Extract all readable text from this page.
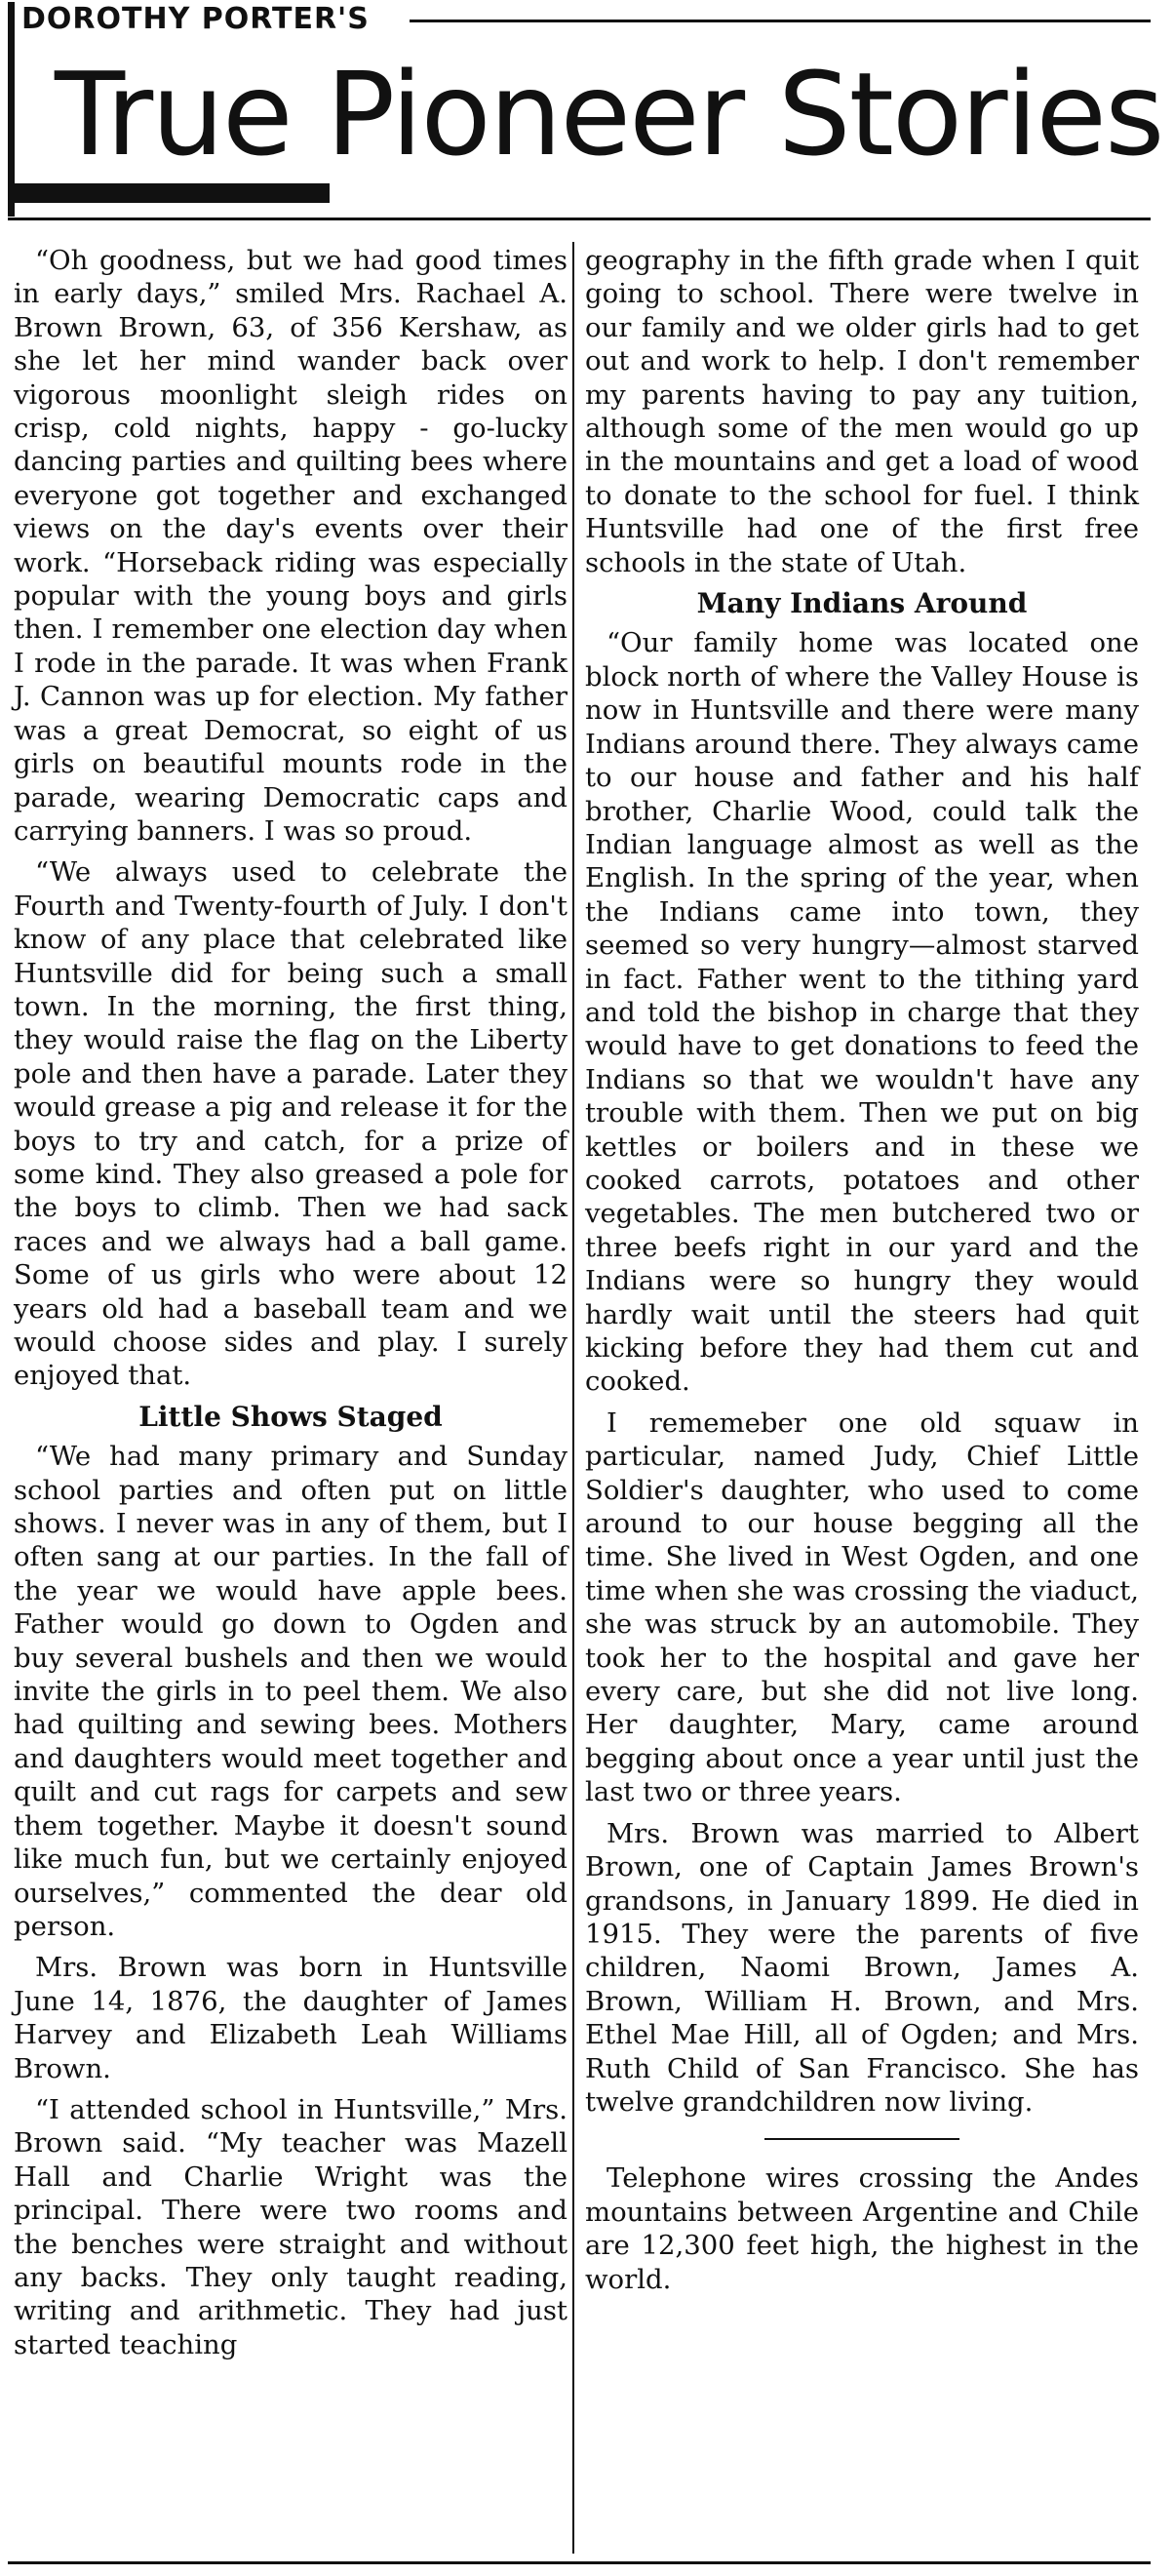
DOROTHY PORTER'S
True Pioneer Stories

“Oh goodness, but we had good times in early days,” smiled Mrs. Rachael A. Brown Brown, 63, of 356 Kershaw, as she let her mind wander back over vigorous moonlight sleigh rides on crisp, cold nights, happy - go-lucky dancing parties and quilting bees where everyone got together and exchanged views on the day's events over their work. “Horseback riding was especially popular with the young boys and girls then. I remember one election day when I rode in the parade. It was when Frank J. Cannon was up for election. My father was a great Democrat, so eight of us girls on beautiful mounts rode in the parade, wearing Democratic caps and carrying banners. I was so proud.

“We always used to celebrate the Fourth and Twenty-fourth of July. I don't know of any place that celebrated like Huntsville did for being such a small town. In the morning, the first thing, they would raise the flag on the Liberty pole and then have a parade. Later they would grease a pig and release it for the boys to try and catch, for a prize of some kind. They also greased a pole for the boys to climb. Then we had sack races and we always had a ball game. Some of us girls who were about 12 years old had a baseball team and we would choose sides and play. I surely enjoyed that.

Little Shows Staged

“We had many primary and Sunday school parties and often put on little shows. I never was in any of them, but I often sang at our parties. In the fall of the year we would have apple bees. Father would go down to Ogden and buy several bushels and then we would invite the girls in to peel them. We also had quilting and sewing bees. Mothers and daughters would meet together and quilt and cut rags for carpets and sew them together. Maybe it doesn't sound like much fun, but we certainly enjoyed ourselves,” commented the dear old person.

Mrs. Brown was born in Huntsville June 14, 1876, the daughter of James Harvey and Elizabeth Leah Williams Brown.

“I attended school in Huntsville,” Mrs. Brown said. “My teacher was Mazell Hall and Charlie Wright was the principal. There were two rooms and the benches were straight and without any backs. They only taught reading, writing and arithmetic. They had just started teaching

geography in the fifth grade when I quit going to school. There were twelve in our family and we older girls had to get out and work to help. I don't remember my parents having to pay any tuition, although some of the men would go up in the mountains and get a load of wood to donate to the school for fuel. I think Huntsville had one of the first free schools in the state of Utah.

Many Indians Around

“Our family home was located one block north of where the Valley House is now in Huntsville and there were many Indians around there. They always came to our house and father and his half brother, Charlie Wood, could talk the Indian language almost as well as the English. In the spring of the year, when the Indians came into town, they seemed so very hungry—almost starved in fact. Father went to the tithing yard and told the bishop in charge that they would have to get donations to feed the Indians so that we wouldn't have any trouble with them. Then we put on big kettles or boilers and in these we cooked carrots, potatoes and other vegetables. The men butchered two or three beefs right in our yard and the Indians were so hungry they would hardly wait until the steers had quit kicking before they had them cut and cooked.

I rememeber one old squaw in particular, named Judy, Chief Little Soldier's daughter, who used to come around to our house begging all the time. She lived in West Ogden, and one time when she was crossing the viaduct, she was struck by an automobile. They took her to the hospital and gave her every care, but she did not live long. Her daughter, Mary, came around begging about once a year until just the last two or three years.

Mrs. Brown was married to Albert Brown, one of Captain James Brown's grandsons, in January 1899. He died in 1915. They were the parents of five children, Naomi Brown, James A. Brown, William H. Brown, and Mrs. Ethel Mae Hill, all of Ogden; and Mrs. Ruth Child of San Francisco. She has twelve grandchildren now living.

Telephone wires crossing the Andes mountains between Argentine and Chile are 12,300 feet high, the highest in the world.
